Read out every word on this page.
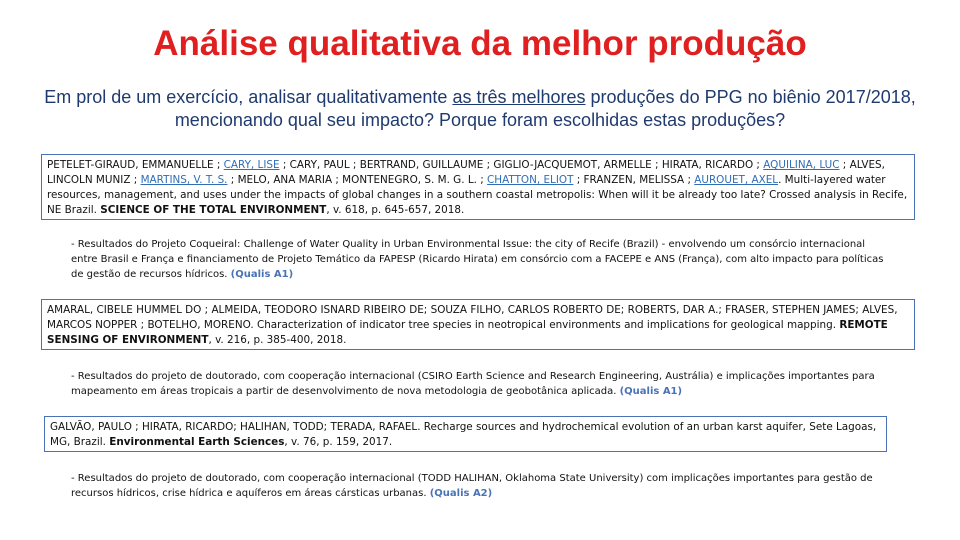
Análise qualitativa da melhor produção
Em prol de um exercício, analisar qualitativamente as três melhores produções do PPG no biênio 2017/2018, mencionando qual seu impacto? Porque foram escolhidas estas produções?
PETELET-GIRAUD, EMMANUELLE ; CARY, LISE ; CARY, PAUL ; BERTRAND, GUILLAUME ; GIGLIO-JACQUEMOT, ARMELLE ; HIRATA, RICARDO ; AQUILINA, LUC ; ALVES, LINCOLN MUNIZ ; MARTINS, V. T. S. ; MELO, ANA MARIA ; MONTENEGRO, S. M. G. L. ; CHATTON, ELIOT ; FRANZEN, MELISSA ; AUROUET, AXEL. Multi-layered water resources, management, and uses under the impacts of global changes in a southern coastal metropolis: When will it be already too late? Crossed analysis in Recife, NE Brazil. SCIENCE OF THE TOTAL ENVIRONMENT, v. 618, p. 645-657, 2018.
- Resultados do Projeto Coqueiral: Challenge of Water Quality in Urban Environmental Issue: the city of Recife (Brazil) - envolvendo um consórcio internacional entre Brasil e França e financiamento de Projeto Temático da FAPESP (Ricardo Hirata) em consórcio com a FACEPE e ANS (França), com alto impacto para políticas de gestão de recursos hídricos. (Qualis A1)
AMARAL, CIBELE HUMMEL DO ; ALMEIDA, TEODORO ISNARD RIBEIRO DE; SOUZA FILHO, CARLOS ROBERTO DE; ROBERTS, DAR A.; FRASER, STEPHEN JAMES; ALVES, MARCOS NOPPER ; BOTELHO, MORENO. Characterization of indicator tree species in neotropical environments and implications for geological mapping. REMOTE SENSING OF ENVIRONMENT, v. 216, p. 385-400, 2018.
- Resultados do projeto de doutorado, com cooperação internacional (CSIRO Earth Science and Research Engineering, Austrália) e implicações importantes para mapeamento em áreas tropicais a partir de desenvolvimento de nova metodologia de geobotânica aplicada. (Qualis A1)
GALVÃO, PAULO ; HIRATA, RICARDO; HALIHAN, TODD; TERADA, RAFAEL. Recharge sources and hydrochemical evolution of an urban karst aquifer, Sete Lagoas, MG, Brazil. Environmental Earth Sciences, v. 76, p. 159, 2017.
- Resultados do projeto de doutorado, com cooperação internacional (TODD HALIHAN, Oklahoma State University) com implicações importantes para gestão de recursos hídricos, crise hídrica e aquíferos em áreas cársticas urbanas. (Qualis A2)
